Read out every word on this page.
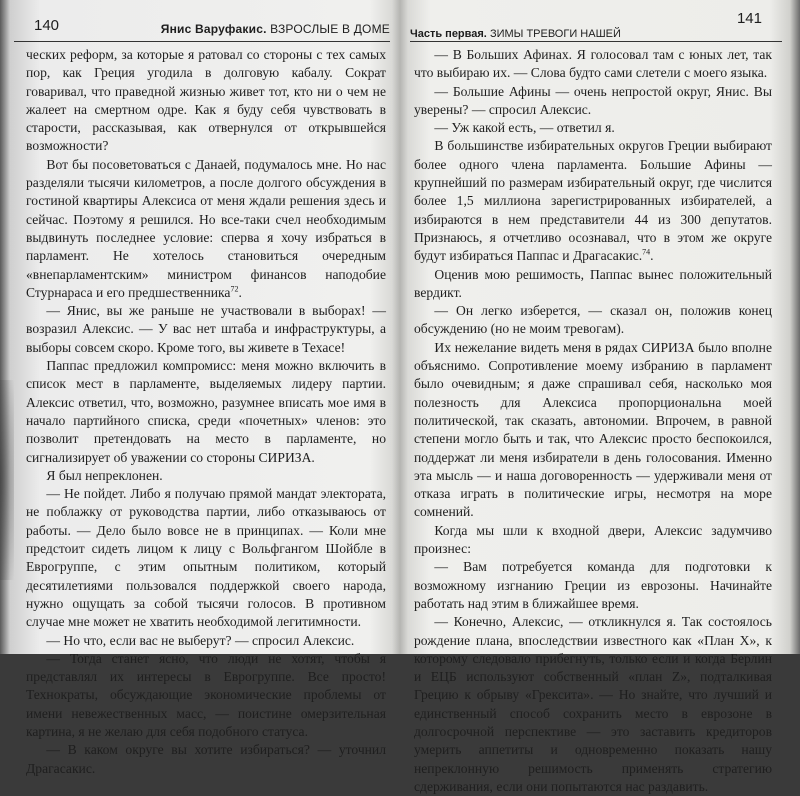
140	Янис Варуфакис. ВЗРОСЛЫЕ В ДОМЕ

ческих реформ, за которые я ратовал со стороны с тех самых пор, как Греция угодила в долговую кабалу. Сократ говаривал, что праведной жизнью живет тот, кто ни о чем не жалеет на смертном одре. Как я буду себя чувствовать в старости, рассказывая, как отвернулся от открывшейся возможности?

Вот бы посоветоваться с Данаей, подумалось мне. Но нас разделяли тысячи километров, а после долгого обсуждения в гостиной квартиры Алексиса от меня ждали решения здесь и сейчас. Поэтому я решился. Но все-таки счел необходимым выдвинуть последнее условие: сперва я хочу избраться в парламент. Не хотелось становиться очередным «внепарламентским» министром финансов наподобие Стурнараса и его предшественника$^{72}$.

— Янис, вы же раньше не участвовали в выборах! — возразил Алексис. — У вас нет штаба и инфраструктуры, а выборы совсем скоро. Кроме того, вы живете в Техасе!

Паппас предложил компромисс: меня можно включить в список мест в парламенте, выделяемых лидеру партии. Алексис ответил, что, возможно, разумнее вписать мое имя в начало партийного списка, среди «почетных» членов: это позволит претендовать на место в парламенте, но сигнализирует об уважении со стороны СИРИЗА.

Я был непреклонен.

— Не пойдет. Либо я получаю прямой мандат электората, не поблажку от руководства партии, либо отказываюсь от работы. — Дело было вовсе не в принципах. — Коли мне предстоит сидеть лицом к лицу с Вольфгангом Шойбле в Еврогруппе, с этим опытным политиком, который десятилетиями пользовался поддержкой своего народа, нужно ощущать за собой тысячи голосов. В противном случае мне может не хватить необходимой легитимности.

— Но что, если вас не выберут? — спросил Алексис.

— Тогда станет ясно, что люди не хотят, чтобы я представлял их интересы в Еврогруппе. Все просто! Технократы, обсуждающие экономические проблемы от имени невежественных масс, — поистине омерзительная картина, я не желаю для себя подобного статуса.

— В каком округе вы хотите избираться? — уточнил Драгасакис.

Часть первая. ЗИМЫ ТРЕВОГИ НАШЕЙ
141

— В Больших Афинах. Я голосовал там с юных лет, так что выбираю их. — Слова будто сами слетели с моего языка.

— Большие Афины — очень непростой округ, Янис. Вы уверены? — спросил Алексис.

— Уж какой есть, — ответил я.

В большинстве избирательных округов Греции выбирают более одного члена парламента. Большие Афины — крупнейший по размерам избирательный округ, где числится более 1,5 миллиона зарегистрированных избирателей, а избираются в нем представители 44 из 300 депутатов. Признаюсь, я отчетливо осознавал, что в этом же округе будут избираться Паппас и Драгасакис.$^{74}$.

Оценив мою решимость, Паппас вынес положительный вердикт.

— Он легко изберется, — сказал он, положив конец обсуждению (но не моим тревогам).

Их нежелание видеть меня в рядах СИРИЗА было вполне объяснимо. Сопротивление моему избранию в парламент было очевидным; я даже спрашивал себя, насколько моя полезность для Алексиса пропорциональна моей политической, так сказать, автономии. Впрочем, в равной степени могло быть и так, что Алексис просто беспокоился, поддержат ли меня избиратели в день голосования. Именно эта мысль — и наша договоренность — удерживали меня от отказа играть в политические игры, несмотря на море сомнений.

Когда мы шли к входной двери, Алексис задумчиво произнес:

— Вам потребуется команда для подготовки к возможному изгнанию Греции из еврозоны. Начинайте работать над этим в ближайшее время.

— Конечно, Алексис, — откликнулся я. Так состоялось рождение плана, впоследствии известного как «План X», к которому следовало прибегнуть, только если и когда Берлин и ЕЦБ используют собственный «план Z», подталкивая Грецию к обрыву «Грексита». — Но знайте, что лучший и единственный способ сохранить место в еврозоне в долгосрочной перспективе — это заставить кредиторов умерить аппетиты и одновременно показать нашу непреклонную решимость применять стратегию сдерживания, если они попытаются нас раздавить.
